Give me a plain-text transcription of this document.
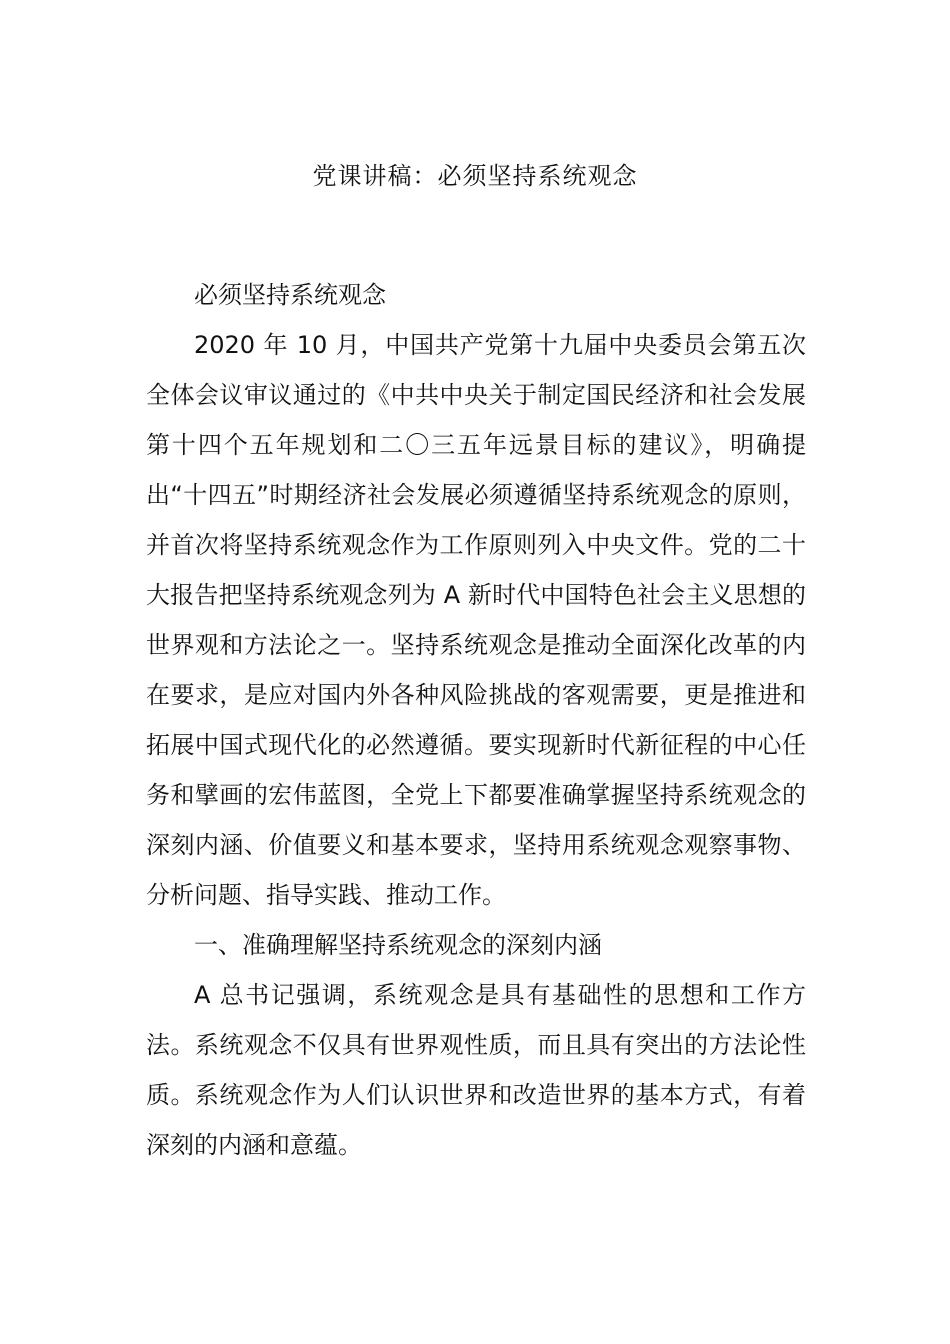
党课讲稿：必须坚持系统观念

必须坚持系统观念

2020 年 10 月，中国共产党第十九届中央委员会第五次全体会议审议通过的《中共中央关于制定国民经济和社会发展第十四个五年规划和二〇三五年远景目标的建议》，明确提出“十四五”时期经济社会发展必须遵循坚持系统观念的原则，并首次将坚持系统观念作为工作原则列入中央文件。党的二十大报告把坚持系统观念列为 A 新时代中国特色社会主义思想的世界观和方法论之一。坚持系统观念是推动全面深化改革的内在要求，是应对国内外各种风险挑战的客观需要，更是推进和拓展中国式现代化的必然遵循。要实现新时代新征程的中心任务和擘画的宏伟蓝图，全党上下都要准确掌握坚持系统观念的深刻内涵、价值要义和基本要求，坚持用系统观念观察事物、分析问题、指导实践、推动工作。

一、准确理解坚持系统观念的深刻内涵

A 总书记强调，系统观念是具有基础性的思想和工作方法。系统观念不仅具有世界观性质，而且具有突出的方法论性质。系统观念作为人们认识世界和改造世界的基本方式，有着深刻的内涵和意蕴。
